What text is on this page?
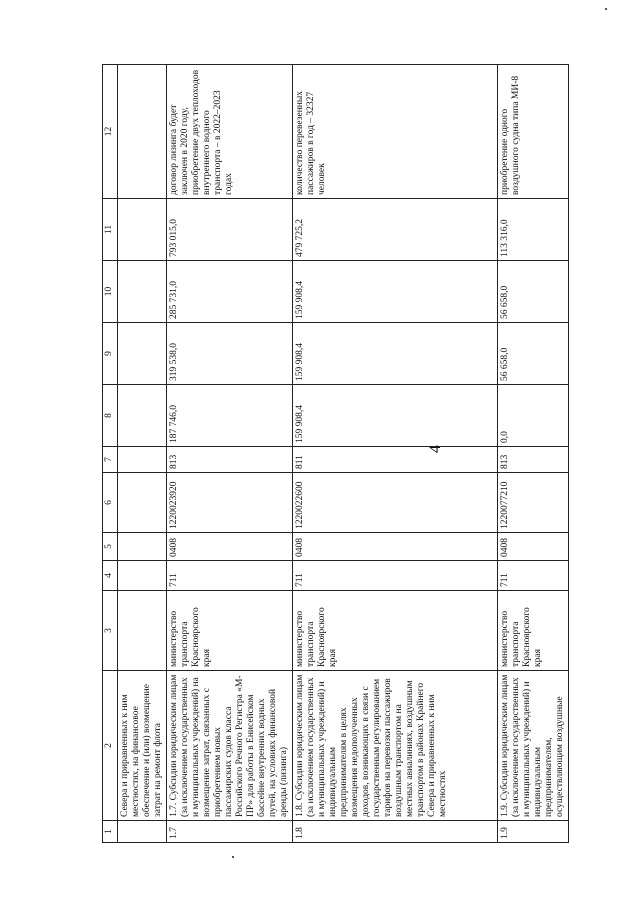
4
1	2	3	4	5	6	7	8	9	10	11	12
	Севера и приравненных к ним местностях, на финансовое обеспечение и (или) возмещение затрат на ремонт флота										
1.7	1.7. Субсидии юридическим лицам (за исключением государственных и муниципальных учреждений) на возмещение затрат, связанных с приобретением новых пассажирских судов класса Российского Речного Регистра «М-ПР» для работы в Енисейском бассейне внутренних водных путей, на условиях финансовой аренды (лизинга)	министерство транспорта Красноярского края	711	0408	1220023920	813	187 746,0	319 538,0	285 731,0	793 015,0	договор лизинга будет заключен в 2020 году, приобретение двух теплоходов внутреннего водного транспорта – в 2022–2023 годах
1.8	1.8. Субсидии юридическим лицам (за исключением государственных и муниципальных учреждений) и индивидуальным предпринимателям в целях возмещения недополученных доходов, возникающих в связи с государственным регулированием тарифов на перевозки пассажиров воздушным транспортом на местных авиалиниях, воздушным транспортом в районах Крайнего Севера и приравненных к ним местностях	министерство транспорта Красноярского края	711	0408	1220022600	811	159 908,4	159 908,4	159 908,4	479 725,2	количество перевезенных пассажиров в год – 32327 человек
1.9	1.9. Субсидии юридическим лицам (за исключением государственных и муниципальных учреждений) и индивидуальным предпринимателям, осуществляющим воздушные	министерство транспорта Красноярского края	711	0408	1220077210	813	0,0	56 658,0	56 658,0	113 316,0	приобретение одного воздушного судна типа МИ-8
